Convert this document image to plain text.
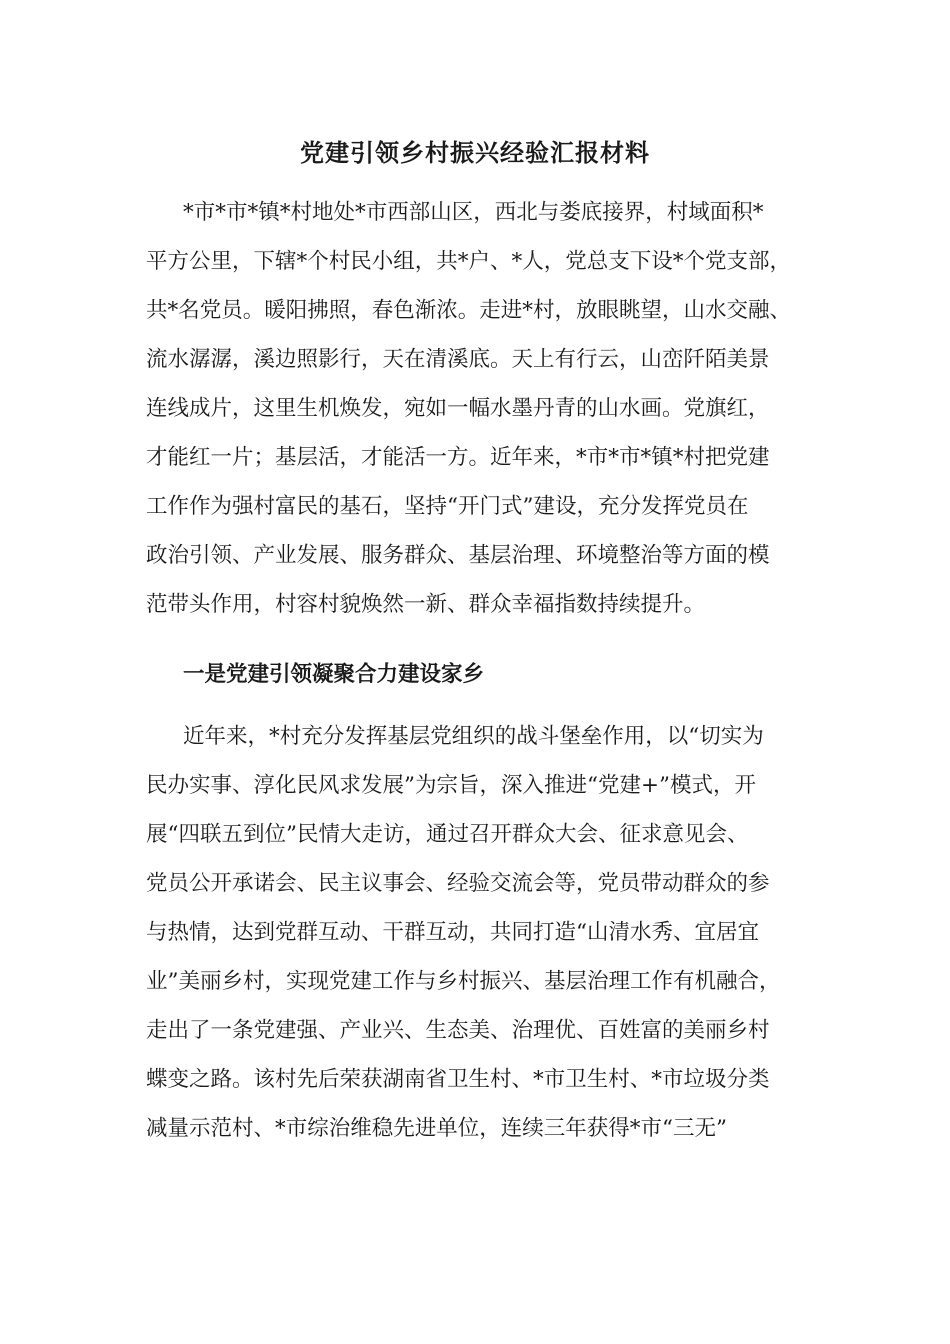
党建引领乡村振兴经验汇报材料

*市*市*镇*村地处*市西部山区，西北与娄底接界，村域面积*

平方公里，下辖*个村民小组，共*户、*人，党总支下设*个党支部，

共*名党员。暖阳拂照，春色渐浓。走进*村，放眼眺望，山水交融、

流水潺潺，溪边照影行，天在清溪底。天上有行云，山峦阡陌美景

连线成片，这里生机焕发，宛如一幅水墨丹青的山水画。党旗红，

才能红一片；基层活，才能活一方。近年来，*市*市*镇*村把党建

工作作为强村富民的基石，坚持“开门式”建设，充分发挥党员在

政治引领、产业发展、服务群众、基层治理、环境整治等方面的模

范带头作用，村容村貌焕然一新、群众幸福指数持续提升。

一是党建引领凝聚合力建设家乡

近年来，*村充分发挥基层党组织的战斗堡垒作用，以“切实为

民办实事、淳化民风求发展”为宗旨，深入推进“党建+”模式，开

展“四联五到位”民情大走访，通过召开群众大会、征求意见会、

党员公开承诺会、民主议事会、经验交流会等，党员带动群众的参

与热情，达到党群互动、干群互动，共同打造“山清水秀、宜居宜

业”美丽乡村，实现党建工作与乡村振兴、基层治理工作有机融合，

走出了一条党建强、产业兴、生态美、治理优、百姓富的美丽乡村

蝶变之路。该村先后荣获湖南省卫生村、*市卫生村、*市垃圾分类

减量示范村、*市综治维稳先进单位，连续三年获得*市“三无”
